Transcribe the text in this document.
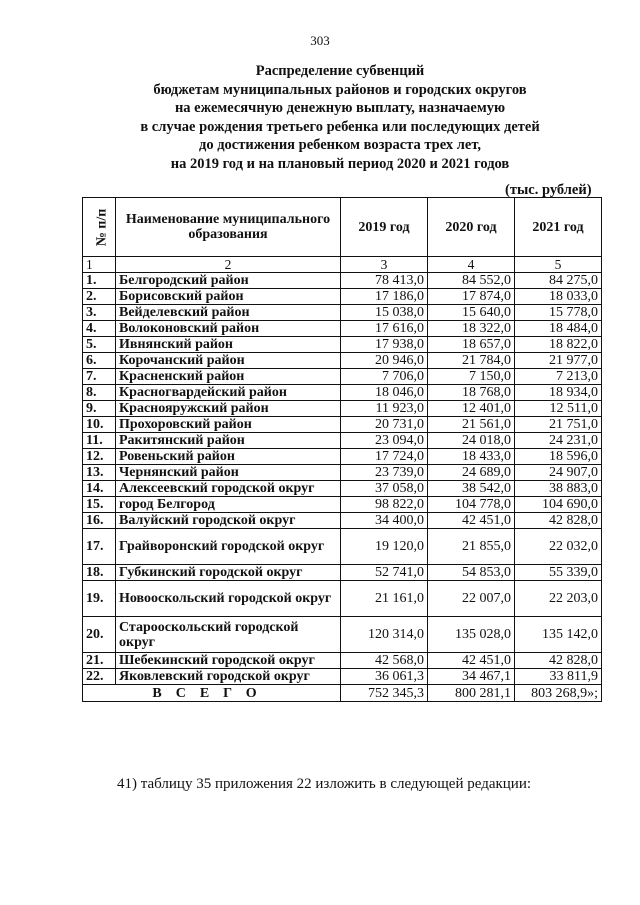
303
Распределение субвенций
бюджетам муниципальных районов и городских округов
на ежемесячную денежную выплату, назначаемую
в случае рождения третьего ребенка или последующих детей
до достижения ребенком возраста трех лет,
на 2019 год и на плановый период 2020 и 2021 годов
(тыс. рублей)
№ п/п	Наименование муниципального образования	2019 год	2020 год	2021 год
1	2	3	4	5
1.	Белгородский район	78 413,0	84 552,0	84 275,0
2.	Борисовский район	17 186,0	17 874,0	18 033,0
3.	Вейделевский район	15 038,0	15 640,0	15 778,0
4.	Волоконовский район	17 616,0	18 322,0	18 484,0
5.	Ивнянский район	17 938,0	18 657,0	18 822,0
6.	Корочанский район	20 946,0	21 784,0	21 977,0
7.	Красненский район	7 706,0	7 150,0	7 213,0
8.	Красногвардейский район	18 046,0	18 768,0	18 934,0
9.	Краснояружский район	11 923,0	12 401,0	12 511,0
10.	Прохоровский район	20 731,0	21 561,0	21 751,0
11.	Ракитянский район	23 094,0	24 018,0	24 231,0
12.	Ровеньский район	17 724,0	18 433,0	18 596,0
13.	Чернянский район	23 739,0	24 689,0	24 907,0
14.	Алексеевский городской округ	37 058,0	38 542,0	38 883,0
15.	город Белгород	98 822,0	104 778,0	104 690,0
16.	Валуйский городской округ	34 400,0	42 451,0	42 828,0
17.	Грайворонский городской округ	19 120,0	21 855,0	22 032,0
18.	Губкинский городской округ	52 741,0	54 853,0	55 339,0
19.	Новооскольский городской округ	21 161,0	22 007,0	22 203,0
20.	Старооскольский городской округ	120 314,0	135 028,0	135 142,0
21.	Шебекинский городской округ	42 568,0	42 451,0	42 828,0
22.	Яковлевский городской округ	36 061,3	34 467,1	33 811,9
ВСЕГО		752 345,3	800 281,1	803 268,9»;
41) таблицу 35 приложения 22 изложить в следующей редакции:
